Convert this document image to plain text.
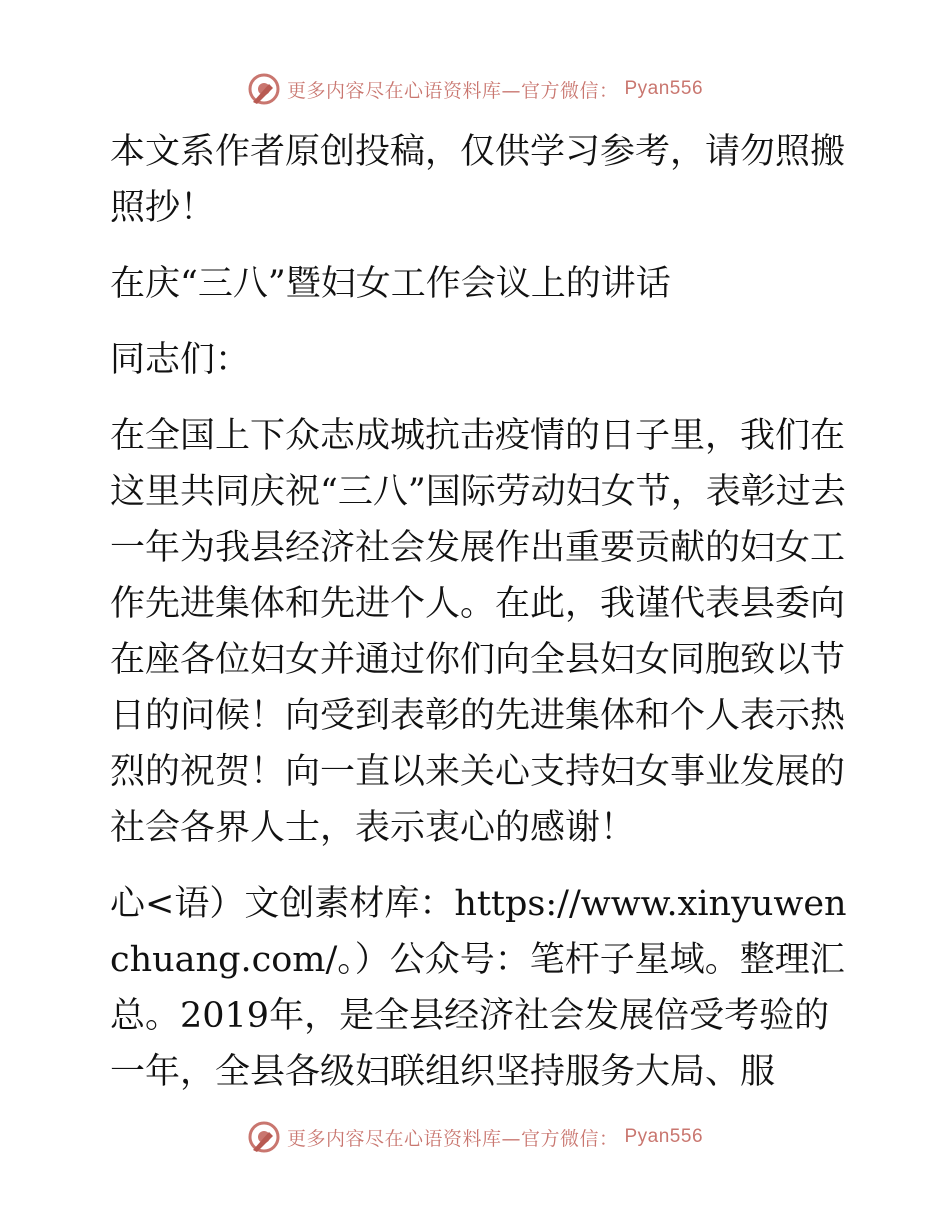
更多内容尽在心语资料库—官方微信： Pyan556

本文系作者原创投稿，仅供学习参考，请勿照搬照抄！

在庆“三八”暨妇女工作会议上的讲话

同志们：

在全国上下众志成城抗击疫情的日子里，我们在这里共同庆祝“三八”国际劳动妇女节，表彰过去一年为我县经济社会发展作出重要贡献的妇女工作先进集体和先进个人。在此，我谨代表县委向在座各位妇女并通过你们向全县妇女同胞致以节日的问候！向受到表彰的先进集体和个人表示热烈的祝贺！向一直以来关心支持妇女事业发展的社会各界人士，表示衷心的感谢！

心<语）文创素材库：https://www.xinyuwenchuang.com/。）公众号：笔杆子星域。整理汇总。2019年，是全县经济社会发展倍受考验的一年，全县各级妇联组织坚持服务大局、服

更多内容尽在心语资料库—官方微信： Pyan556
